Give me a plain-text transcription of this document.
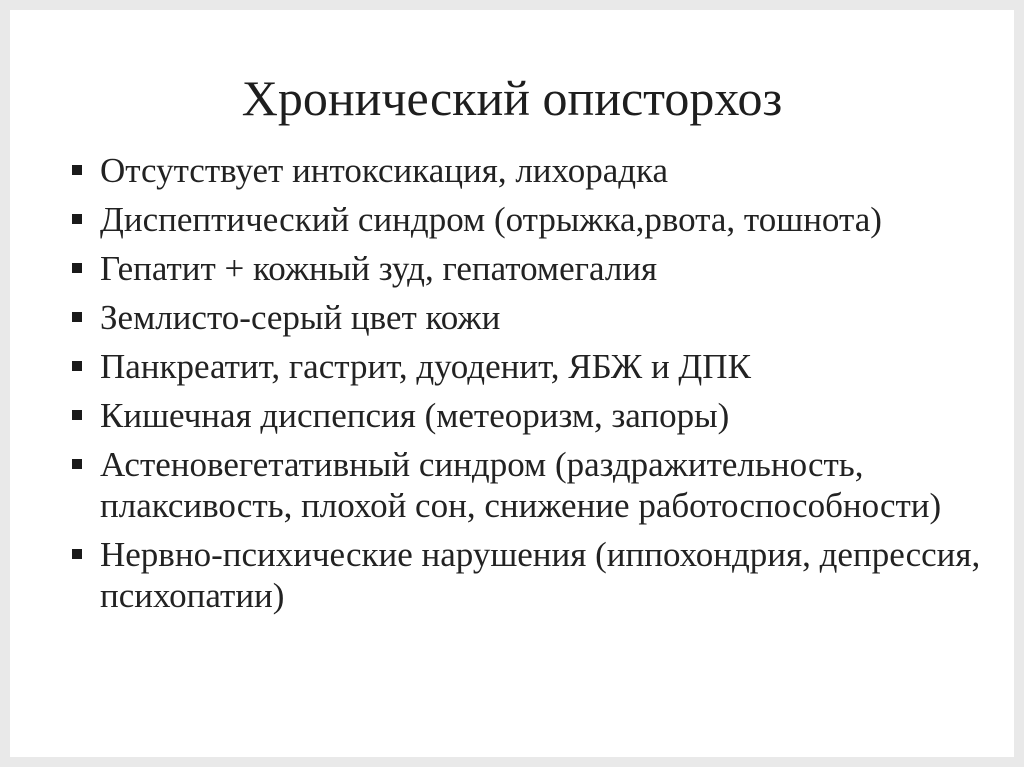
Хронический описторхоз
Отсутствует интоксикация, лихорадка
Диспептический синдром (отрыжка,рвота, тошнота)
Гепатит + кожный зуд, гепатомегалия
Землисто-серый цвет кожи
Панкреатит, гастрит, дуоденит, ЯБЖ и ДПК
Кишечная диспепсия (метеоризм, запоры)
Астеновегетативный синдром (раздражительность, плаксивость, плохой сон, снижение работоспособности)
Нервно-психические нарушения (иппохондрия, депрессия, психопатии)
